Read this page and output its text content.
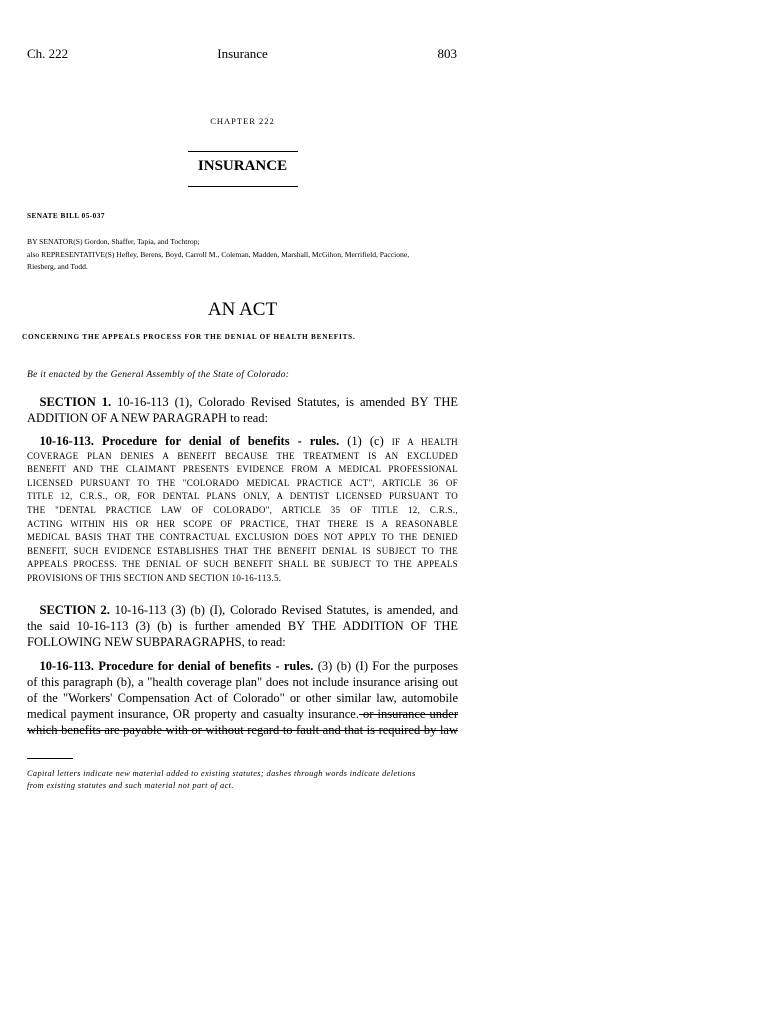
Ch. 222	Insurance	803
CHAPTER 222
INSURANCE
SENATE BILL 05-037
BY SENATOR(S) Gordon, Shaffer, Tapia, and Tochtrop;
also REPRESENTATIVE(S) Hefley, Berens, Boyd, Carroll M., Coleman, Madden, Marshall, McGihon, Merrifield, Paccione,
Riesberg, and Todd.
AN ACT
CONCERNING THE APPEALS PROCESS FOR THE DENIAL OF HEALTH BENEFITS.
Be it enacted by the General Assembly of the State of Colorado:
 SECTION 1. 10-16-113 (1), Colorado Revised Statutes, is amended BY THE
ADDITION OF A NEW PARAGRAPH to read:
 10-16-113. Procedure for denial of benefits - rules. (1) (c) IF A HEALTH
COVERAGE PLAN DENIES A BENEFIT BECAUSE THE TREATMENT IS AN EXCLUDED
BENEFIT AND THE CLAIMANT PRESENTS EVIDENCE FROM A MEDICAL PROFESSIONAL
LICENSED PURSUANT TO THE "COLORADO MEDICAL PRACTICE ACT", ARTICLE 36 OF
TITLE 12, C.R.S., OR, FOR DENTAL PLANS ONLY, A DENTIST LICENSED PURSUANT TO
THE "DENTAL PRACTICE LAW OF COLORADO", ARTICLE 35 OF TITLE 12, C.R.S.,
ACTING WITHIN HIS OR HER SCOPE OF PRACTICE, THAT THERE IS A REASONABLE
MEDICAL BASIS THAT THE CONTRACTUAL EXCLUSION DOES NOT APPLY TO THE DENIED
BENEFIT, SUCH EVIDENCE ESTABLISHES THAT THE BENEFIT DENIAL IS SUBJECT TO THE
APPEALS PROCESS. THE DENIAL OF SUCH BENEFIT SHALL BE SUBJECT TO THE APPEALS
PROVISIONS OF THIS SECTION AND SECTION 10-16-113.5.
 SECTION 2. 10-16-113 (3) (b) (I), Colorado Revised Statutes, is amended, and
the said 10-16-113 (3) (b) is further amended BY THE ADDITION OF THE
FOLLOWING NEW SUBPARAGRAPHS, to read:
 10-16-113. Procedure for denial of benefits - rules. (3) (b) (I) For the purposes
of this paragraph (b), a "health coverage plan" does not include insurance arising out
of the "Workers' Compensation Act of Colorado" or other similar law, automobile
medical payment insurance, OR property and casualty insurance. or insurance under
which benefits are payable with or without regard to fault and that is required by law
Capital letters indicate new material added to existing statutes; dashes through words indicate deletions
from existing statutes and such material not part of act.
